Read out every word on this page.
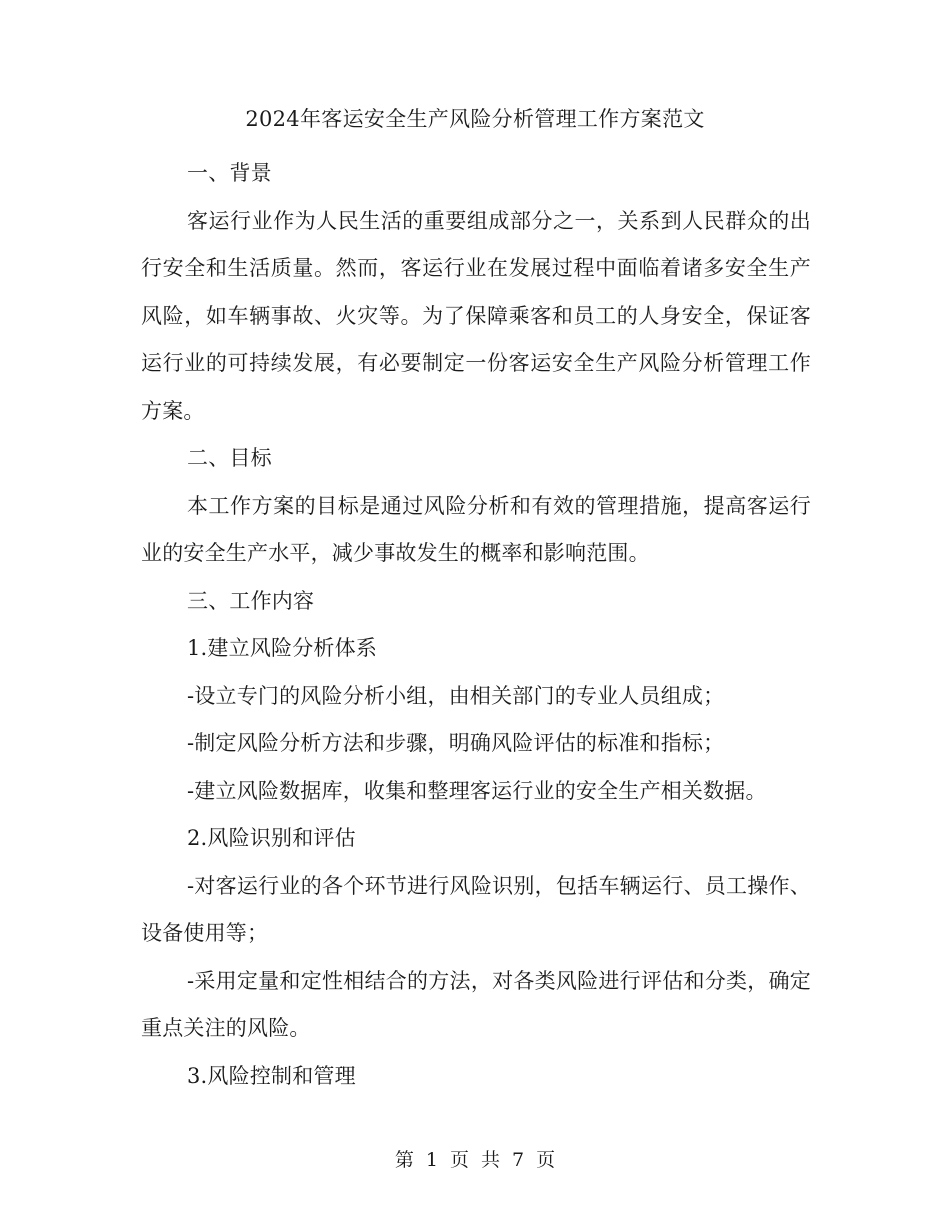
2024年客运安全生产风险分析管理工作方案范文

一、背景

客运行业作为人民生活的重要组成部分之一，关系到人民群众的出行安全和生活质量。然而，客运行业在发展过程中面临着诸多安全生产风险，如车辆事故、火灾等。为了保障乘客和员工的人身安全，保证客运行业的可持续发展，有必要制定一份客运安全生产风险分析管理工作方案。

二、目标

本工作方案的目标是通过风险分析和有效的管理措施，提高客运行业的安全生产水平，减少事故发生的概率和影响范围。

三、工作内容

1.建立风险分析体系

-设立专门的风险分析小组，由相关部门的专业人员组成；

-制定风险分析方法和步骤，明确风险评估的标准和指标；

-建立风险数据库，收集和整理客运行业的安全生产相关数据。

2.风险识别和评估

-对客运行业的各个环节进行风险识别，包括车辆运行、员工操作、设备使用等；

-采用定量和定性相结合的方法，对各类风险进行评估和分类，确定重点关注的风险。

3.风险控制和管理

第 1 页 共 7 页
